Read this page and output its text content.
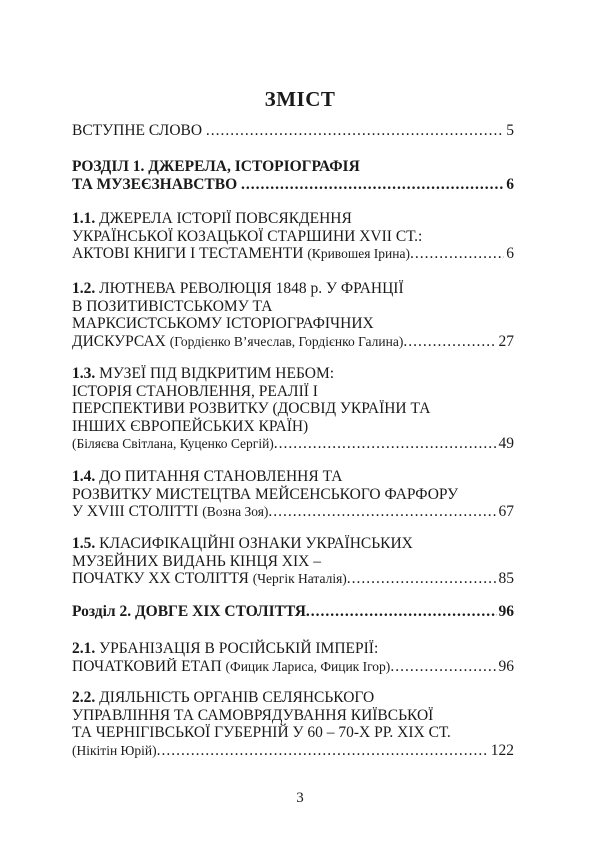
ЗМІСТ
ВСТУПНЕ СЛОВО .....	5
РОЗДІЛ 1. ДЖЕРЕЛА, ІСТОРІОГРАФІЯ
ТА МУЗЕЄЗНАВСТВО .....	6
1.1. ДЖЕРЕЛА ІСТОРІЇ ПОВСЯКДЕННЯ
УКРАЇНСЬКОЇ КОЗАЦЬКОЇ СТАРШИНИ XVII СТ.:
АКТОВІ КНИГИ І ТЕСТАМЕНТИ (Кривошея Ірина) .....	6
1.2. ЛЮТНЕВА РЕВОЛЮЦІЯ 1848 р. У ФРАНЦІЇ
В ПОЗИТИВІСТСЬКОМУ ТА
МАРКСИСТСЬКОМУ ІСТОРІОГРАФІЧНИХ
ДИСКУРСАХ (Гордієнко В’ячеслав, Гордієнко Галина) .....	27
1.3. МУЗЕЇ ПІД ВІДКРИТИМ НЕБОМ:
ІСТОРІЯ СТАНОВЛЕННЯ, РЕАЛІЇ І
ПЕРСПЕКТИВИ РОЗВИТКУ (ДОСВІД УКРАЇНИ ТА
ІНШИХ ЄВРОПЕЙСЬКИХ КРАЇН)
(Біляєва Світлана, Куценко Сергій) .....	49
1.4. ДО ПИТАННЯ СТАНОВЛЕННЯ ТА
РОЗВИТКУ МИСТЕЦТВА МЕЙСЕНСЬКОГО ФАРФОРУ
У XVIII СТОЛІТТІ (Возна Зоя) .....	67
1.5. КЛАСИФІКАЦІЙНІ ОЗНАКИ УКРАЇНСЬКИХ
МУЗЕЙНИХ ВИДАНЬ КІНЦЯ XIX –
ПОЧАТКУ XX СТОЛІТТЯ (Чергік Наталія) .....	85
Розділ 2. ДОВГЕ XIX СТОЛІТТЯ .....	96
2.1. УРБАНІЗАЦІЯ В РОСІЙСЬКІЙ ІМПЕРІЇ:
ПОЧАТКОВИЙ ЕТАП (Фицик Лариса, Фицик Ігор) .....	96
2.2. ДІЯЛЬНІСТЬ ОРГАНІВ СЕЛЯНСЬКОГО
УПРАВЛІННЯ ТА САМОВРЯДУВАННЯ КИЇВСЬКОЇ
ТА ЧЕРНІГІВСЬКОЇ ГУБЕРНІЙ У 60 – 70-Х РР. XIX СТ.
(Нікітін Юрій) .....	122
3
